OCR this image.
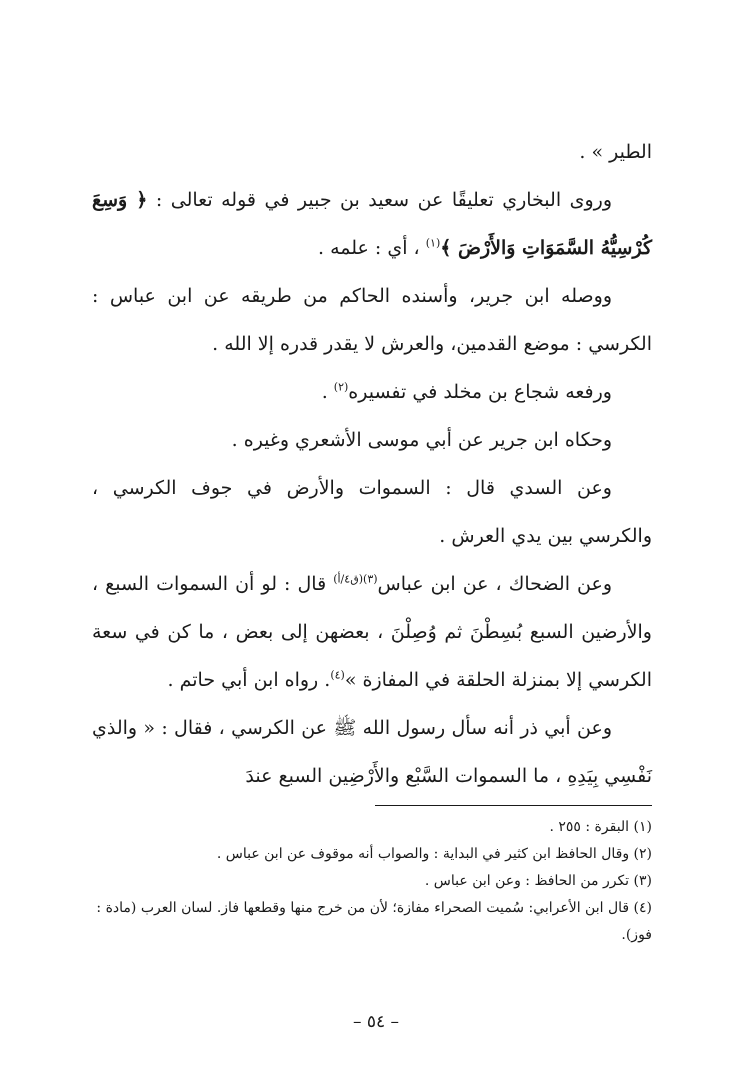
الطير » .

وروى البخاري تعليقًا عن سعيد بن جبير في قوله تعالى : ﴿ وَسِعَ كُرْسِيُّهُ السَّمَوَاتِ وَالأَرْضَ ﴾$^{(١)}$ ، أي : علمه .

ووصله ابن جرير، وأسنده الحاكم من طريقه عن ابن عباس : الكرسي : موضع القدمين، والعرش لا يقدر قدره إلا الله .

ورفعه شجاع بن مخلد في تفسيره$^{(٢)}$ .

وحكاه ابن جرير عن أبي موسى الأشعري وغيره .

وعن السدي قال : السموات والأرض في جوف الكرسي ، والكرسي بين يدي العرش .

وعن الضحاك ، عن ابن عباس$^{(٣)(ق٤/أ)}$ قال : لو أن السموات السبع ، والأرضين السبع بُسِطْنَ ثم وُصِلْنَ ، بعضهن إلى بعض ، ما كن في سعة الكرسي إلا بمنزلة الحلقة في المفازة »$^{(٤)}$. رواه ابن أبي حاتم .

وعن أبي ذر أنه سأل رسول الله ﷺ عن الكرسي ، فقال : « والذي نَفْسِي بِيَدِهِ ، ما السموات السَّبْع والأَرْضِين السبع عندَ

(١) البقرة : ٢٥٥ .

(٢) وقال الحافظ ابن كثير في البداية : والصواب أنه موقوف عن ابن عباس .

(٣) تكرر من الحافظ : وعن ابن عباس .

(٤) قال ابن الأعرابي: سُميت الصحراء مفازة؛ لأن من خرج منها وقطعها فاز. لسان العرب (مادة : فوز).

– ٥٤ –
